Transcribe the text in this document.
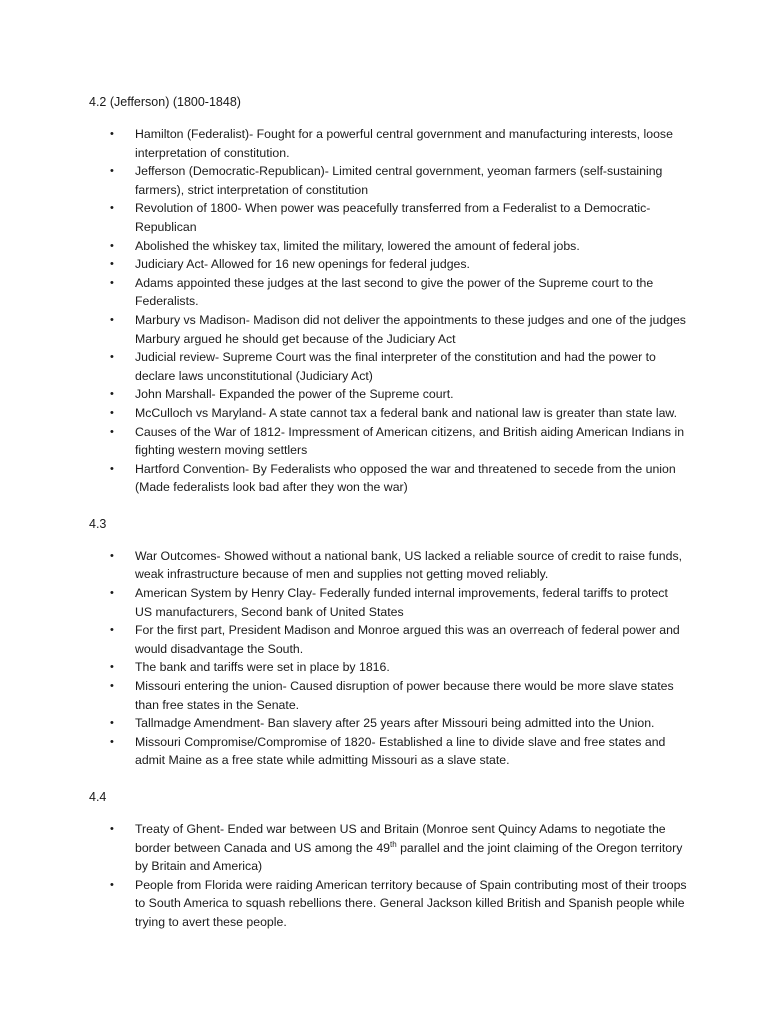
4.2 (Jefferson) (1800-1848)

• Hamilton (Federalist)- Fought for a powerful central government and manufacturing interests, loose interpretation of constitution.
• Jefferson (Democratic-Republican)- Limited central government, yeoman farmers (self-sustaining farmers), strict interpretation of constitution
• Revolution of 1800- When power was peacefully transferred from a Federalist to a Democratic-Republican
• Abolished the whiskey tax, limited the military, lowered the amount of federal jobs.
• Judiciary Act- Allowed for 16 new openings for federal judges.
• Adams appointed these judges at the last second to give the power of the Supreme court to the Federalists.
• Marbury vs Madison- Madison did not deliver the appointments to these judges and one of the judges Marbury argued he should get because of the Judiciary Act
• Judicial review- Supreme Court was the final interpreter of the constitution and had the power to declare laws unconstitutional (Judiciary Act)
• John Marshall- Expanded the power of the Supreme court.
• McCulloch vs Maryland- A state cannot tax a federal bank and national law is greater than state law.
• Causes of the War of 1812- Impressment of American citizens, and British aiding American Indians in fighting western moving settlers
• Hartford Convention- By Federalists who opposed the war and threatened to secede from the union (Made federalists look bad after they won the war)

4.3

• War Outcomes- Showed without a national bank, US lacked a reliable source of credit to raise funds, weak infrastructure because of men and supplies not getting moved reliably.
• American System by Henry Clay- Federally funded internal improvements, federal tariffs to protect US manufacturers, Second bank of United States
• For the first part, President Madison and Monroe argued this was an overreach of federal power and would disadvantage the South.
• The bank and tariffs were set in place by 1816.
• Missouri entering the union- Caused disruption of power because there would be more slave states than free states in the Senate.
• Tallmadge Amendment- Ban slavery after 25 years after Missouri being admitted into the Union.
• Missouri Compromise/Compromise of 1820- Established a line to divide slave and free states and admit Maine as a free state while admitting Missouri as a slave state.

4.4

• Treaty of Ghent- Ended war between US and Britain (Monroe sent Quincy Adams to negotiate the border between Canada and US among the 49th parallel and the joint claiming of the Oregon territory by Britain and America)
• People from Florida were raiding American territory because of Spain contributing most of their troops to South America to squash rebellions there. General Jackson killed British and Spanish people while trying to avert these people.
